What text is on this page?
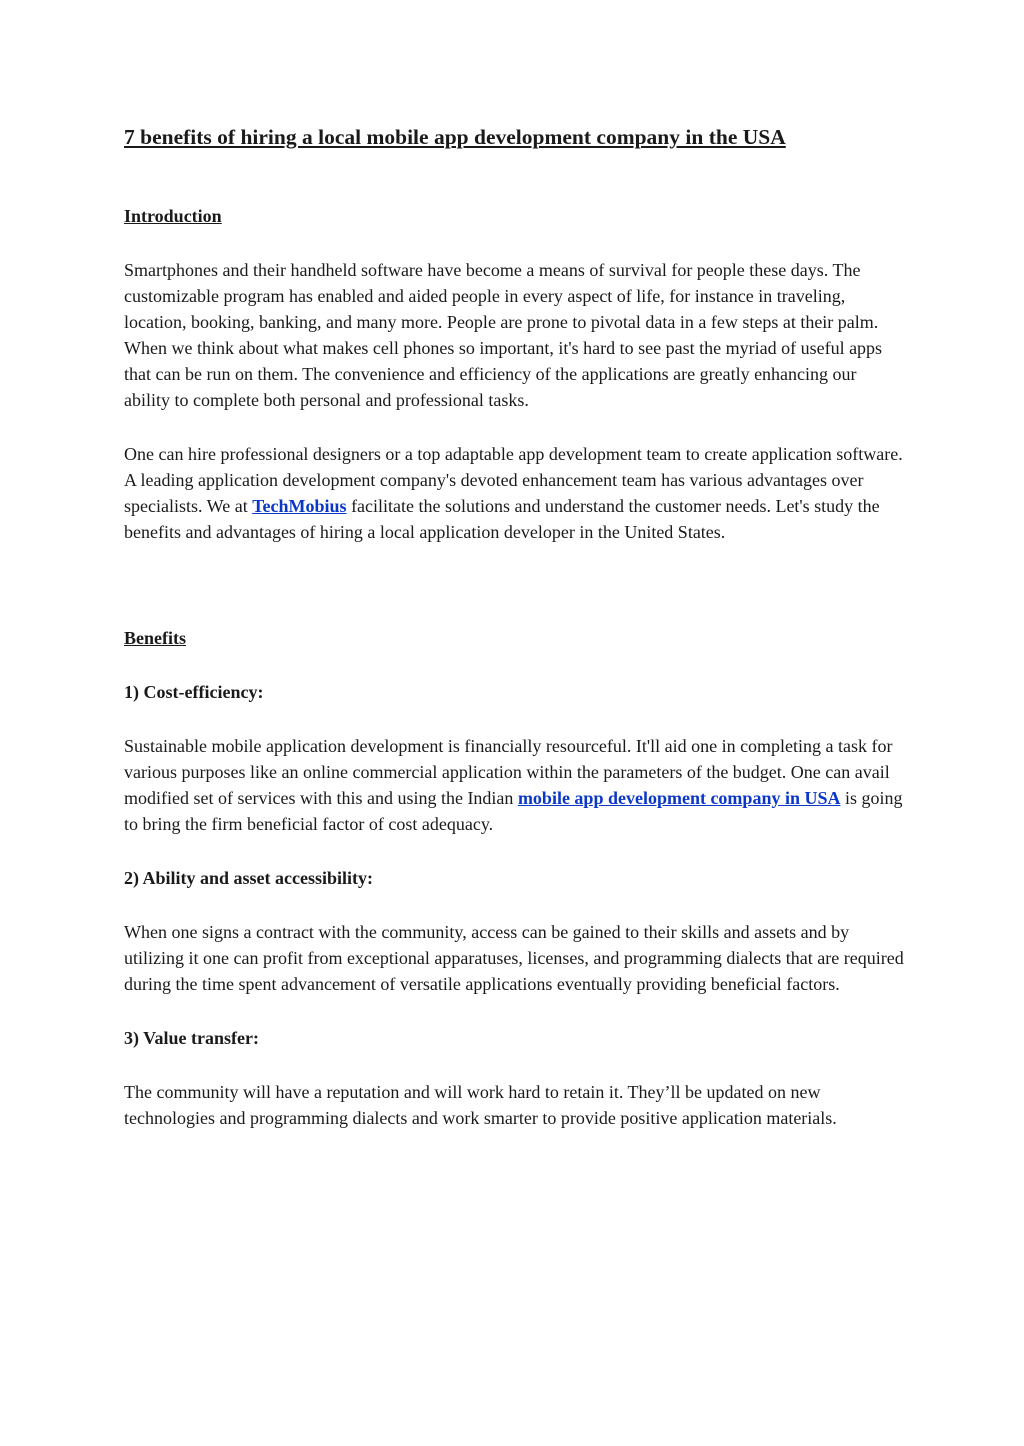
7 benefits of hiring a local mobile app development company in the USA
Introduction

Smartphones and their handheld software have become a means of survival for people these days. The customizable program has enabled and aided people in every aspect of life, for instance in traveling, location, booking, banking, and many more. People are prone to pivotal data in a few steps at their palm. When we think about what makes cell phones so important, it's hard to see past the myriad of useful apps that can be run on them. The convenience and efficiency of the applications are greatly enhancing our ability to complete both personal and professional tasks.

One can hire professional designers or a top adaptable app development team to create application software. A leading application development company's devoted enhancement team has various advantages over specialists. We at TechMobius facilitate the solutions and understand the customer needs. Let's study the benefits and advantages of hiring a local application developer in the United States.

Benefits
1) Cost-efficiency:

Sustainable mobile application development is financially resourceful. It'll aid one in completing a task for various purposes like an online commercial application within the parameters of the budget. One can avail modified set of services with this and using the Indian mobile app development company in USA is going to bring the firm beneficial factor of cost adequacy.

2) Ability and asset accessibility:

When one signs a contract with the community, access can be gained to their skills and assets and by utilizing it one can profit from exceptional apparatuses, licenses, and programming dialects that are required during the time spent advancement of versatile applications eventually providing beneficial factors.

3) Value transfer:

The community will have a reputation and will work hard to retain it. They’ll be updated on new technologies and programming dialects and work smarter to provide positive application materials.
